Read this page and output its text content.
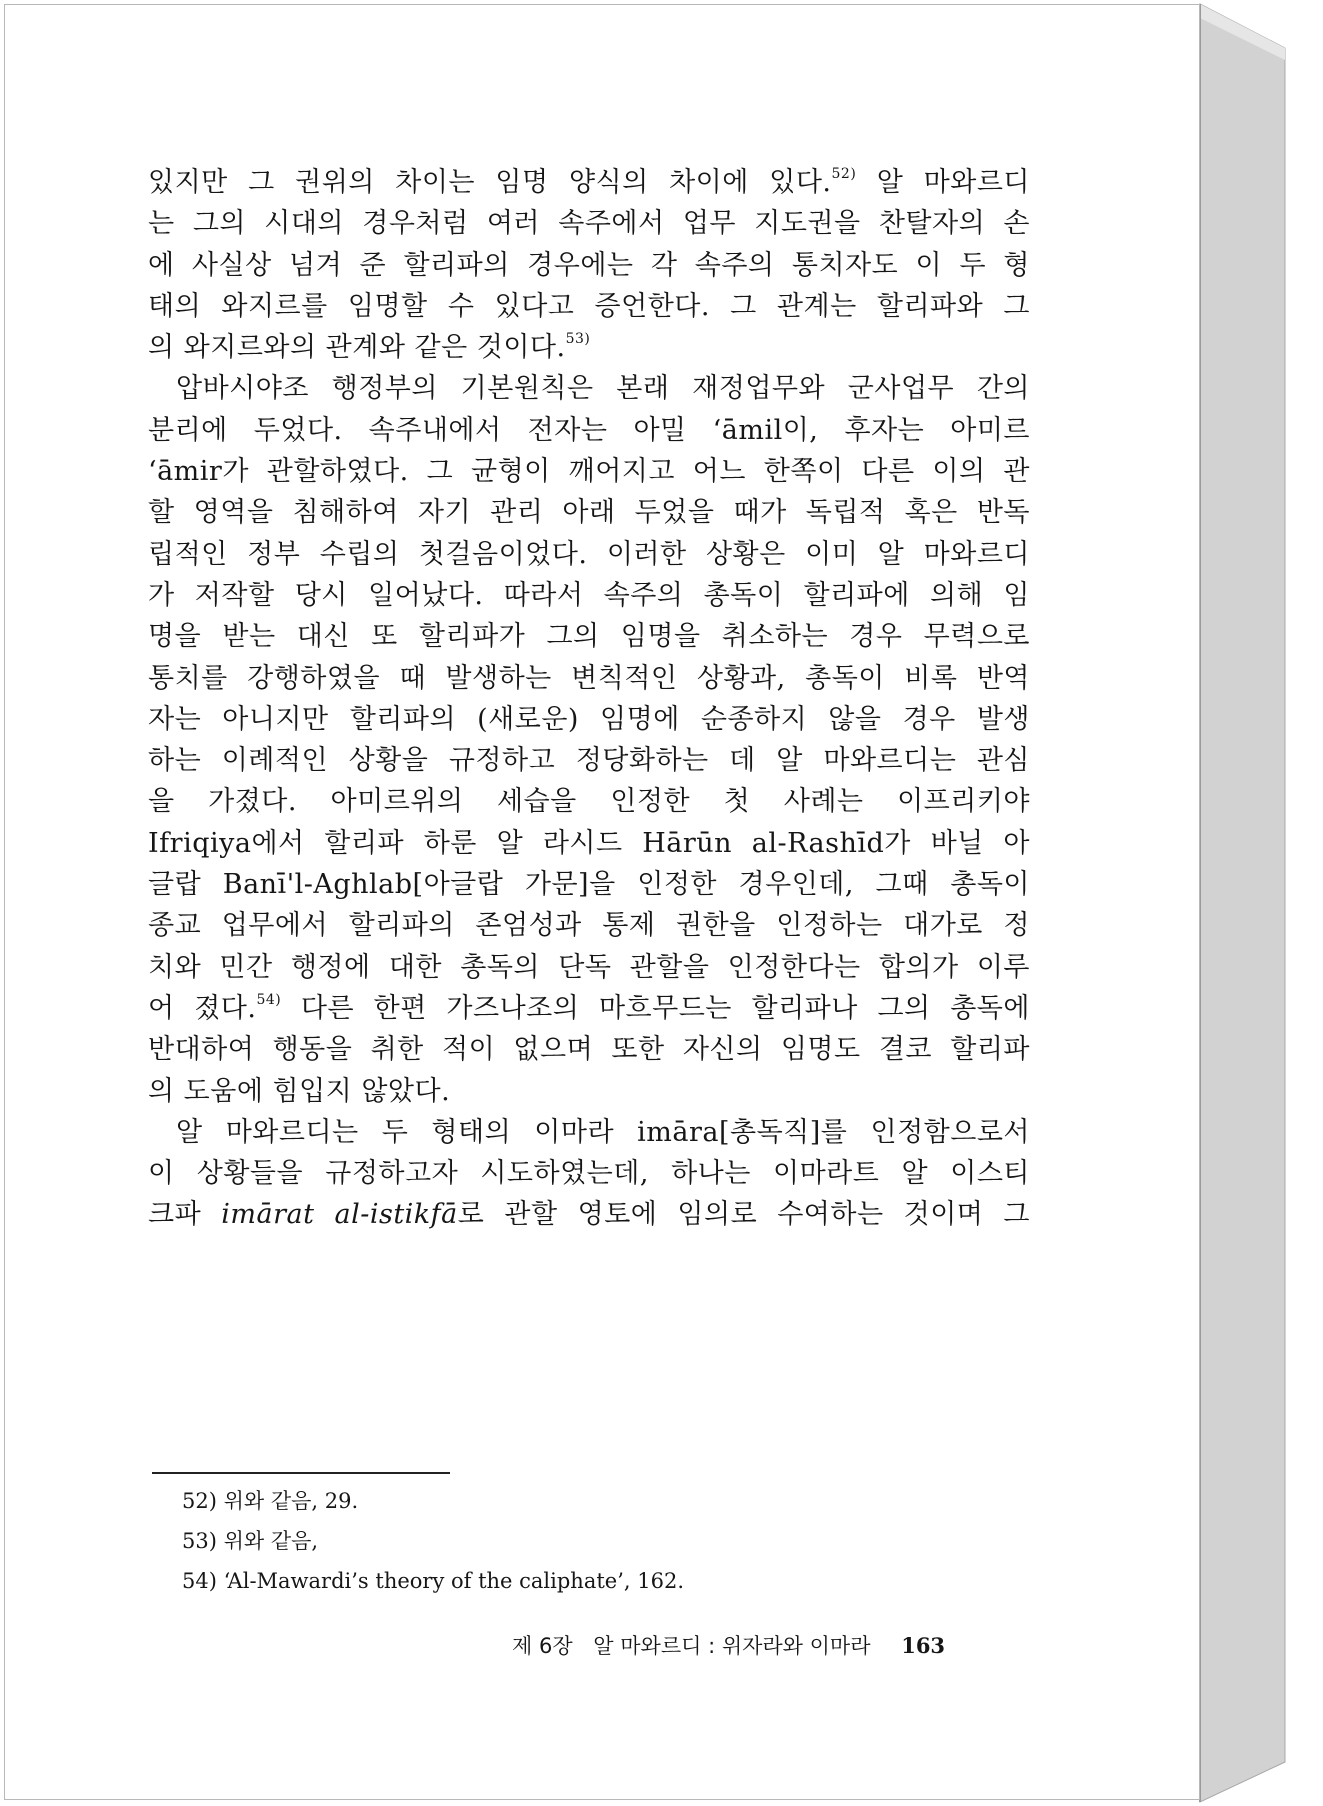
있지만 그 권위의 차이는 임명 양식의 차이에 있다.$^{52)}$ 알 마와르디
는 그의 시대의 경우처럼 여러 속주에서 업무 지도권을 찬탈자의 손
에 사실상 넘겨 준 할리파의 경우에는 각 속주의 통치자도 이 두 형
태의 와지르를 임명할 수 있다고 증언한다. 그 관계는 할리파와 그
의 와지르와의 관계와 같은 것이다.$^{53)}$
압바시야조 행정부의 기본원칙은 본래 재정업무와 군사업무 간의
분리에 두었다. 속주내에서 전자는 아밀 ‘āmil이, 후자는 아미르
‘āmir가 관할하였다. 그 균형이 깨어지고 어느 한쪽이 다른 이의 관
할 영역을 침해하여 자기 관리 아래 두었을 때가 독립적 혹은 반독
립적인 정부 수립의 첫걸음이었다. 이러한 상황은 이미 알 마와르디
가 저작할 당시 일어났다. 따라서 속주의 총독이 할리파에 의해 임
명을 받는 대신 또 할리파가 그의 임명을 취소하는 경우 무력으로
통치를 강행하였을 때 발생하는 변칙적인 상황과, 총독이 비록 반역
자는 아니지만 할리파의 (새로운) 임명에 순종하지 않을 경우 발생
하는 이례적인 상황을 규정하고 정당화하는 데 알 마와르디는 관심
을 가졌다. 아미르위의 세습을 인정한 첫 사례는 이프리키야
Ifriqiya에서 할리파 하룬 알 라시드 Hārūn al-Rashīd가 바닐 아
글랍 Banī'l-Aghlab[아글랍 가문]을 인정한 경우인데, 그때 총독이
종교 업무에서 할리파의 존엄성과 통제 권한을 인정하는 대가로 정
치와 민간 행정에 대한 총독의 단독 관할을 인정한다는 합의가 이루
어 졌다.$^{54)}$ 다른 한편 가즈나조의 마흐무드는 할리파나 그의 총독에
반대하여 행동을 취한 적이 없으며 또한 자신의 임명도 결코 할리파
의 도움에 힘입지 않았다.
알 마와르디는 두 형태의 이마라 imāra[총독직]를 인정함으로서
이 상황들을 규정하고자 시도하였는데, 하나는 이마라트 알 이스티
크파 imārat al-istikfā로 관할 영토에 임의로 수여하는 것이며 그
52) 위와 같음, 29.
53) 위와 같음,
54) ‘Al-Mawardi’s theory of the caliphate’, 162.
제 6장 알 마와르디 : 위자라와 이마라 163
